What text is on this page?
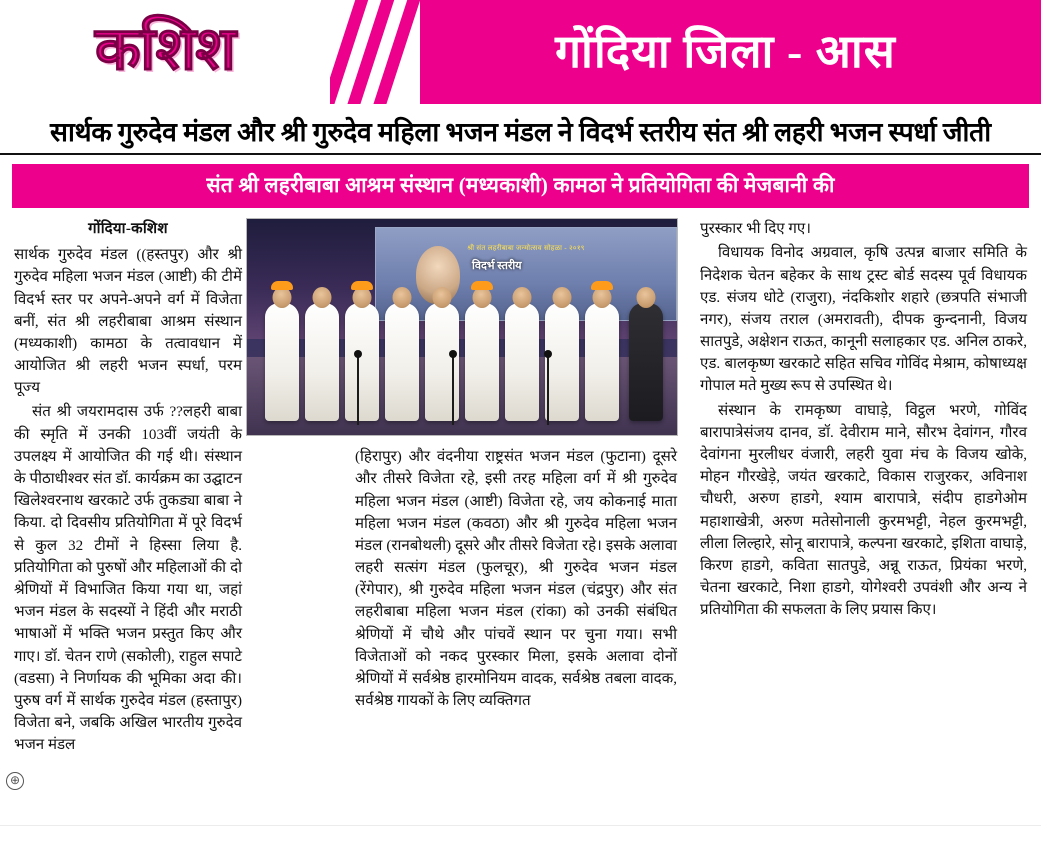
कशिश	गोंदिया जिला - आस
सार्थक गुरुदेव मंडल और श्री गुरुदेव महिला भजन मंडल ने विदर्भ स्तरीय संत श्री लहरी भजन स्पर्धा जीती
संत श्री लहरीबाबा आश्रम संस्थान (मध्यकाशी) कामठा ने प्रतियोगिता की मेजबानी की
श्री संत लहरीबाबा जन्मोत्सव सोहळा - २०१९
विदर्भ स्तरीय
गोंदिया-कशिश

सार्थक गुरुदेव मंडल ((हस्तपुर) और श्री गुरुदेव महिला भजन मंडल (आष्टी) की टीमें विदर्भ स्तर पर अपने-अपने वर्ग में विजेता बनीं, संत श्री लहरीबाबा आश्रम संस्थान (मध्यकाशी) कामठा के तत्वावधान में आयोजित श्री लहरी भजन स्पर्धा, परम पूज्य

संत श्री जयरामदास उर्फ ??लहरी बाबा की स्मृति में उनकी 103वीं जयंती के उपलक्ष्य में आयोजित की गई थी। संस्थान के पीठाधीश्वर संत डॉ. कार्यक्रम का उद्घाटन खिलेश्वरनाथ खरकाटे उर्फ तुकड्या बाबा ने किया. दो दिवसीय प्रतियोगिता में पूरे विदर्भ से कुल 32 टीमों ने हिस्सा लिया है. प्रतियोगिता को पुरुषों और महिलाओं की दो श्रेणियों में विभाजित किया गया था, जहां भजन मंडल के सदस्यों ने हिंदी और मराठी भाषाओं में भक्ति भजन प्रस्तुत किए और गाए। डॉ. चेतन राणे (सकोली), राहुल सपाटे (वडसा) ने निर्णायक की भूमिका अदा की। पुरुष वर्ग में सार्थक गुरुदेव मंडल (हस्तापुर) विजेता बने, जबकि अखिल भारतीय गुरुदेव भजन मंडल

(हिरापुर) और वंदनीया राष्ट्रसंत भजन मंडल (फुटाना) दूसरे और तीसरे विजेता रहे, इसी तरह महिला वर्ग में श्री गुरुदेव महिला भजन मंडल (आष्टी) विजेता रहे, जय कोकनाई माता महिला भजन मंडल (कवठा) और श्री गुरुदेव महिला भजन मंडल (रानबोथली) दूसरे और तीसरे विजेता रहे। इसके अलावा लहरी सत्संग मंडल (फुलचूर), श्री गुरुदेव भजन मंडल (रेंगेपार), श्री गुरुदेव महिला भजन मंडल (चंद्रपुर) और संत लहरीबाबा महिला भजन मंडल (रांका) को उनकी संबंधित श्रेणियों में चौथे और पांचवें स्थान पर चुना गया। सभी विजेताओं को नकद पुरस्कार मिला, इसके अलावा दोनों श्रेणियों में सर्वश्रेष्ठ हारमोनियम वादक, सर्वश्रेष्ठ तबला वादक, सर्वश्रेष्ठ गायकों के लिए व्यक्तिगत

पुरस्कार भी दिए गए।

विधायक विनोद अग्रवाल, कृषि उत्पन्न बाजार समिति के निदेशक चेतन बहेकर के साथ ट्रस्ट बोर्ड सदस्य पूर्व विधायक एड. संजय धोटे (राजुरा), नंदकिशोर शहारे (छत्रपति संभाजी नगर), संजय तराल (अमरावती), दीपक कुन्दनानी, विजय सातपुडे, अक्षेशन राऊत, कानूनी सलाहकार एड. अनिल ठाकरे, एड. बालकृष्ण खरकाटे सहित सचिव गोविंद मेश्राम, कोषाध्यक्ष गोपाल मते मुख्य रूप से उपस्थित थे।

संस्थान के रामकृष्ण वाघाड़े, विट्ठल भरणे, गोविंद बारापात्रेसंजय दानव, डॉ. देवीराम माने, सौरभ देवांगन, गौरव देवांगना मुरलीधर वंजारी, लहरी युवा मंच के विजय खोके, मोहन गौरखेड़े, जयंत खरकाटे, विकास राजुरकर, अविनाश चौधरी, अरुण हाडगे, श्याम बारापात्रे, संदीप हाडगेओम महाशाखेत्री, अरुण मतेसोनाली कुरमभट्टी, नेहल कुरमभट्टी, लीला लिल्हारे, सोनू बारापात्रे, कल्पना खरकाटे, इशिता वाघाड़े, किरण हाडगे, कविता सातपुडे, अन्नू राऊत, प्रियंका भरणे, चेतना खरकाटे, निशा हाडगे, योगेश्वरी उपवंशी और अन्य ने प्रतियोगिता की सफलता के लिए प्रयास किए।

⊕
